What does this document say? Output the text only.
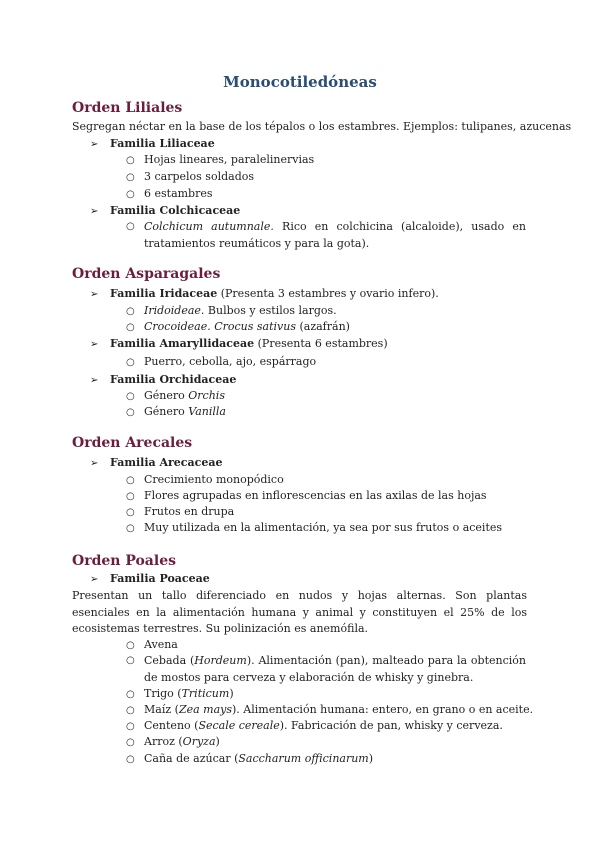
Monocotiledóneas
Orden Liliales
Segregan néctar en la base de los tépalos o los estambres. Ejemplos: tulipanes, azucenas
➢ Familia Liliaceae
○ Hojas lineares, paralelinervias
○ 3 carpelos soldados
○ 6 estambres
➢ Familia Colchicaceae
○ Colchicum autumnale. Rico en colchicina (alcaloide), usado en tratamientos reumáticos y para la gota).
Orden Asparagales
➢ Familia Iridaceae (Presenta 3 estambres y ovario infero).
○ Iridoideae. Bulbos y estilos largos.
○ Crocoideae. Crocus sativus (azafrán)
➢ Familia Amaryllidaceae (Presenta 6 estambres)
○ Puerro, cebolla, ajo, espárrago
➢ Familia Orchidaceae
○ Género Orchis
○ Género Vanilla
Orden Arecales
➢ Familia Arecaceae
○ Crecimiento monopódico
○ Flores agrupadas en inflorescencias en las axilas de las hojas
○ Frutos en drupa
○ Muy utilizada en la alimentación, ya sea por sus frutos o aceites
Orden Poales
➢ Familia Poaceae
Presentan un tallo diferenciado en nudos y hojas alternas. Son plantas esenciales en la alimentación humana y animal y constituyen el 25% de los ecosistemas terrestres. Su polinización es anemófila.
○ Avena
○ Cebada (Hordeum). Alimentación (pan), malteado para la obtención de mostos para cerveza y elaboración de whisky y ginebra.
○ Trigo (Triticum)
○ Maíz (Zea mays). Alimentación humana: entero, en grano o en aceite.
○ Centeno (Secale cereale). Fabricación de pan, whisky y cerveza.
○ Arroz (Oryza)
○ Caña de azúcar (Saccharum officinarum)
